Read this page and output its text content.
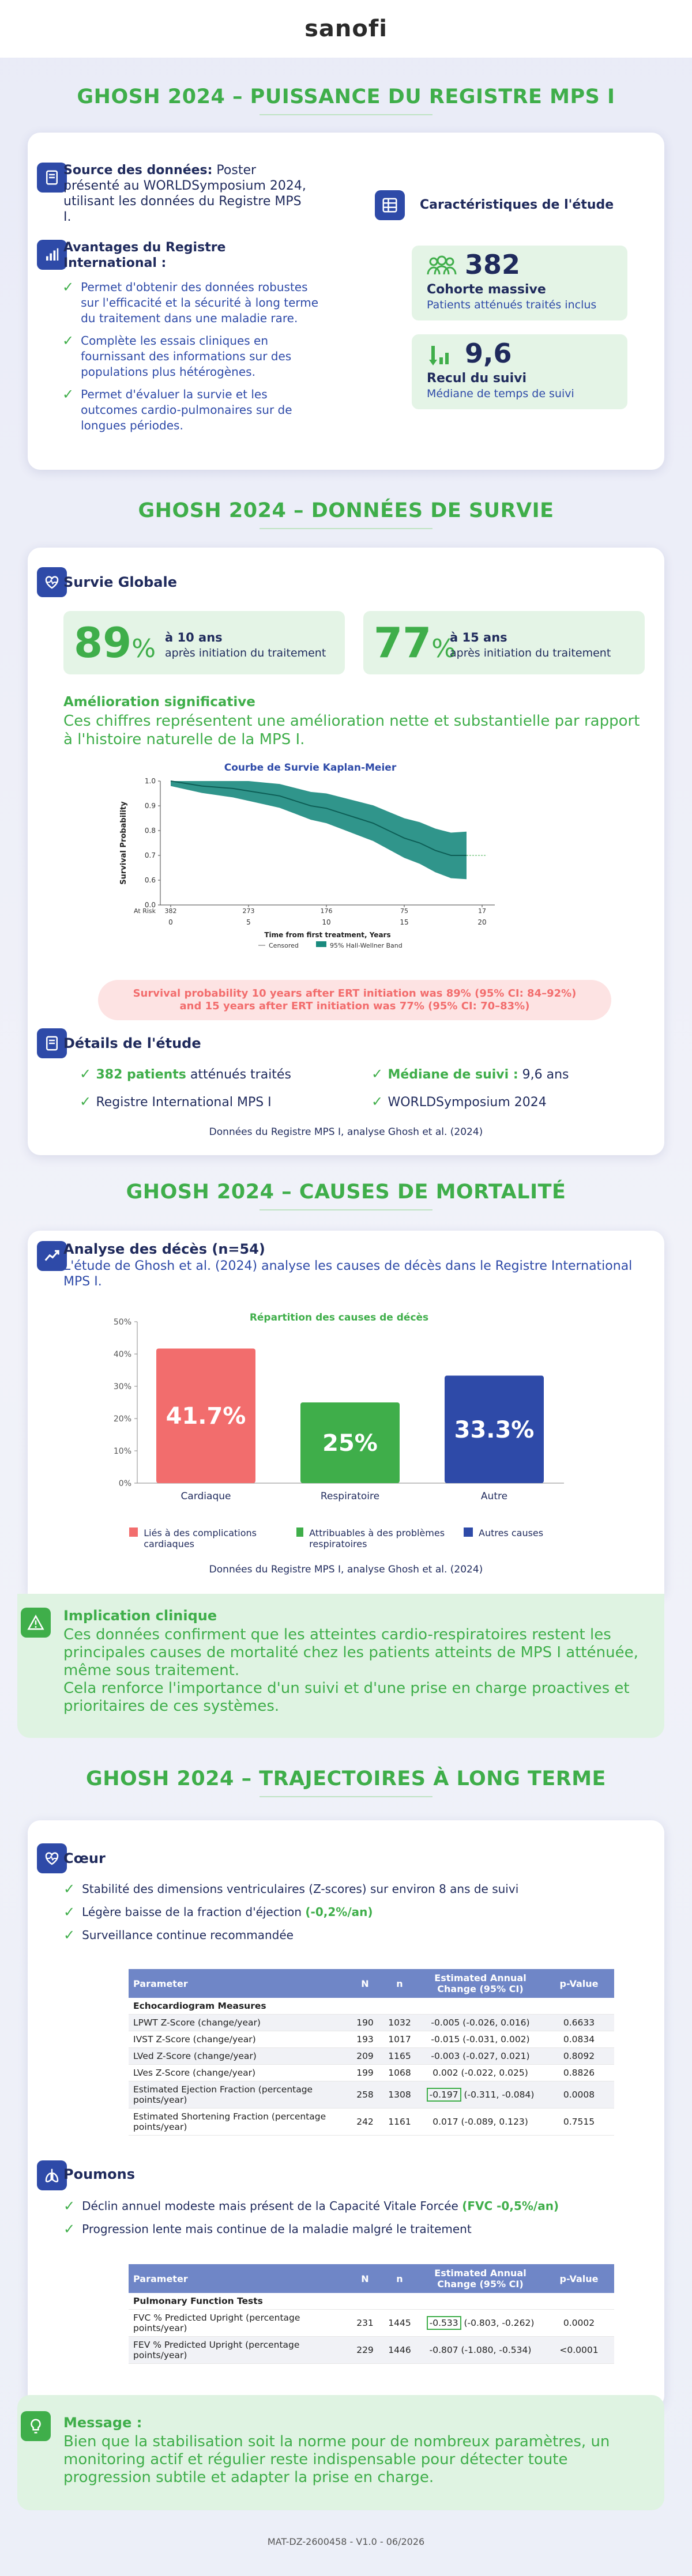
sanofi
GHOSH 2024 – PUISSANCE DU REGISTRE MPS I
Source des données: Poster présenté au WORLDSymposium 2024, utilisant les données du Registre MPS I.
Avantages du Registre International :
✓ Permet d'obtenir des données robustes sur l'efficacité et la sécurité à long terme du traitement dans une maladie rare.
✓ Complète les essais cliniques en fournissant des informations sur des populations plus hétérogènes.
✓ Permet d'évaluer la survie et les outcomes cardio-pulmonaires sur de longues périodes.
Caractéristiques de l'étude
382
Cohorte massive
Patients atténués traités inclus
9,6
Recul du suivi
Médiane de temps de suivi
GHOSH 2024 – DONNÉES DE SURVIE
Survie Globale
89% à 10 ans
après initiation du traitement 77%
à 15 ans
après initiation du traitement
Amélioration significative
Ces chiffres représentent une amélioration nette et substantielle par rapport à l'histoire naturelle de la MPS I.
Courbe de Survie Kaplan-Meier
0.0
0.6
0.7
0.8
0.9
1.0
Survival Probability
0
382
5
273
10
176
15
75
20
17
At Risk
Time from first treatment, Years
Censored	95% Hall-Wellner Band
Survival probability 10 years after ERT initiation was 89% (95% CI: 84–92%)
and 15 years after ERT initiation was 77% (95% CI: 70–83%)
Détails de l'étude
✓ 382 patients atténués traités	✓ Médiane de suivi : 9,6 ans
✓ Registre International MPS I	✓ WORLDSymposium 2024
Données du Registre MPS I, analyse Ghosh et al. (2024)
GHOSH 2024 – CAUSES DE MORTALITÉ
Analyse des décès (n=54)
L'étude de Ghosh et al. (2024) analyse les causes de décès dans le Registre International MPS I.
Répartition des causes de décès
0%
10%
20%
30%
40%
50%
41.7%
Cardiaque
25%
Respiratoire
33.3%
Autre
Liés à des complications cardiaques
Attribuables à des problèmes respiratoires
Autres causes
Données du Registre MPS I, analyse Ghosh et al. (2024)
Implication clinique
Ces données confirment que les atteintes cardio-respiratoires restent les principales causes de mortalité chez les patients atteints de MPS I atténuée, même sous traitement.
Cela renforce l'importance d'un suivi et d'une prise en charge proactives et prioritaires de ces systèmes.
GHOSH 2024 – TRAJECTOIRES À LONG TERME
Cœur
✓ Stabilité des dimensions ventriculaires (Z-scores) sur environ 8 ans de suivi
✓ Légère baisse de la fraction d'éjection (-0,2%/an)
✓ Surveillance continue recommandée
Parameter	N	n	Estimated Annual Change (95% CI)	p-Value
Echocardiogram Measures				
LPWT Z-Score (change/year)	190	1032	-0.005 (-0.026, 0.016)	0.6633
IVST Z-Score (change/year)	193	1017	-0.015 (-0.031, 0.002)	0.0834
LVed Z-Score (change/year)	209	1165	-0.003 (-0.027, 0.021)	0.8092
LVes Z-Score (change/year)	199	1068	0.002 (-0.022, 0.025)	0.8826
Estimated Ejection Fraction (percentage points/year)	258	1308	-0.197 (-0.311, -0.084)	0.0008
Estimated Shortening Fraction (percentage points/year)	242	1161	0.017 (-0.089, 0.123)	0.7515
Poumons
✓ Déclin annuel modeste mais présent de la Capacité Vitale Forcée (FVC -0,5%/an)
✓ Progression lente mais continue de la maladie malgré le traitement
Parameter	N	n	Estimated Annual Change (95% CI)	p-Value
Pulmonary Function Tests				
FVC % Predicted Upright (percentage points/year)	231	1445	-0.533 (-0.803, -0.262)	0.0002
FEV % Predicted Upright (percentage points/year)	229	1446	-0.807 (-1.080, -0.534)	<0.0001
Message :
Bien que la stabilisation soit la norme pour de nombreux paramètres, un monitoring actif et régulier reste indispensable pour détecter toute progression subtile et adapter la prise en charge.
MAT-DZ-2600458 - V1.0 - 06/2026
